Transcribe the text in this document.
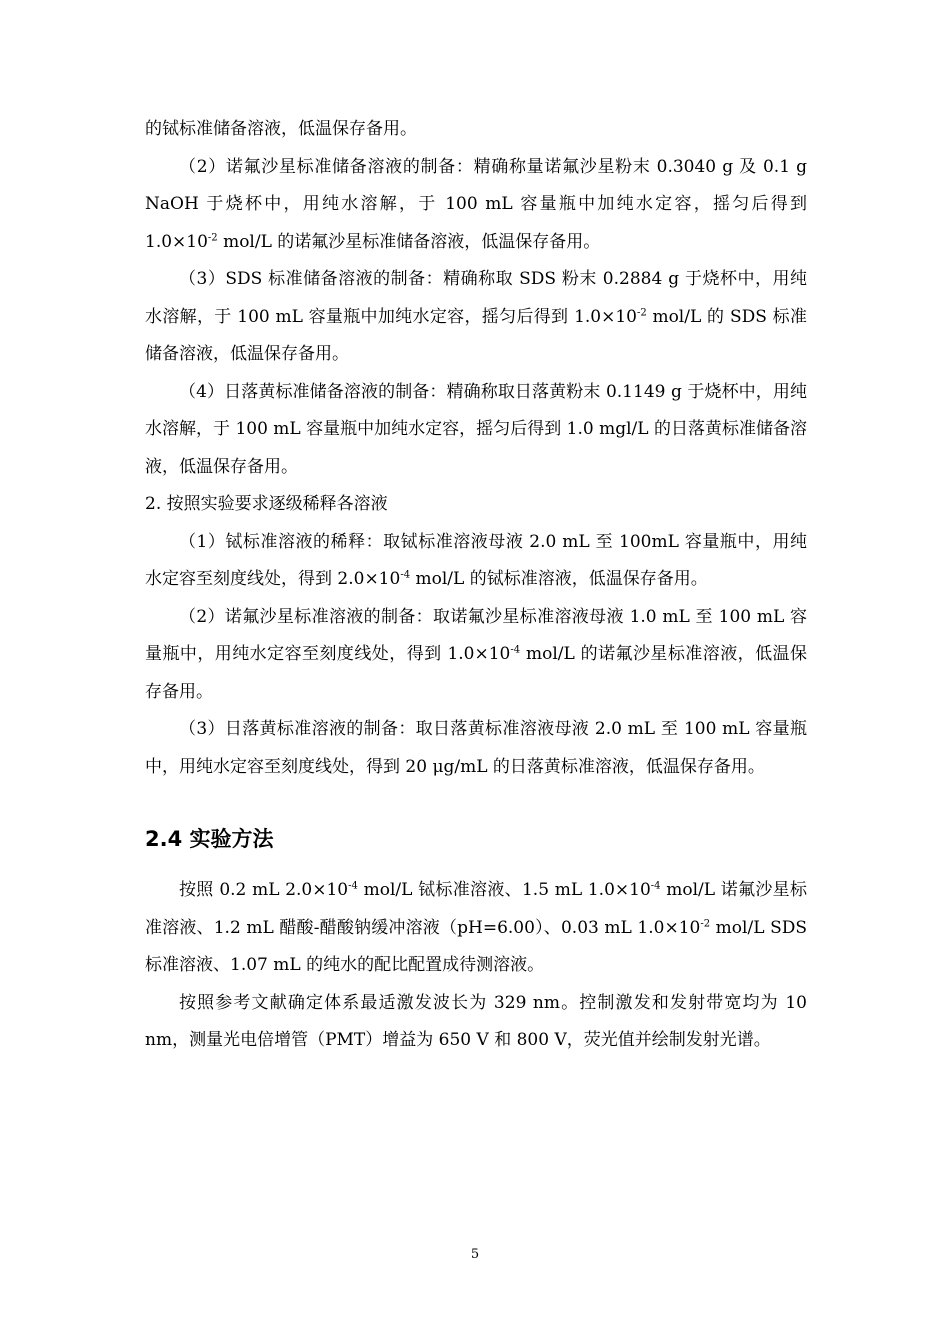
的铽标准储备溶液，低温保存备用。

（2）诺氟沙星标准储备溶液的制备：精确称量诺氟沙星粉末 0.3040 g 及 0.1 g NaOH 于烧杯中，用纯水溶解，于 100 mL 容量瓶中加纯水定容，摇匀后得到 $1.0\times 10^{-2}$ mol/L 的诺氟沙星标准储备溶液，低温保存备用。

（3）SDS 标准储备溶液的制备：精确称取 SDS 粉末 0.2884 g 于烧杯中，用纯水溶解，于 100 mL 容量瓶中加纯水定容，摇匀后得到 $1.0\times 10^{-2}$ mol/L 的 SDS 标准储备溶液，低温保存备用。

（4）日落黄标准储备溶液的制备：精确称取日落黄粉末 0.1149 g 于烧杯中，用纯水溶解，于 100 mL 容量瓶中加纯水定容，摇匀后得到 1.0 mgl/L 的日落黄标准储备溶液，低温保存备用。

2. 按照实验要求逐级稀释各溶液

（1）铽标准溶液的稀释：取铽标准溶液母液 2.0 mL 至 100mL 容量瓶中，用纯水定容至刻度线处，得到 $2.0\times 10^{-4}$ mol/L 的铽标准溶液，低温保存备用。

（2）诺氟沙星标准溶液的制备：取诺氟沙星标准溶液母液 1.0 mL 至 100 mL 容量瓶中，用纯水定容至刻度线处，得到 $1.0\times 10^{-4}$ mol/L 的诺氟沙星标准溶液，低温保存备用。

（3）日落黄标准溶液的制备：取日落黄标准溶液母液 2.0 mL 至 100 mL 容量瓶中，用纯水定容至刻度线处，得到 20 μg/mL 的日落黄标准溶液，低温保存备用。

2.4 实验方法

按照 0.2 mL $2.0\times 10^{-4}$ mol/L 铽标准溶液、1.5 mL $1.0\times 10^{-4}$ mol/L 诺氟沙星标准溶液、1.2 mL 醋酸-醋酸钠缓冲溶液（pH=6.00）、0.03 mL $1.0\times 10^{-2}$ mol/L SDS 标准溶液、1.07 mL 的纯水的配比配置成待测溶液。

按照参考文献确定体系最适激发波长为 329 nm。控制激发和发射带宽均为 10 nm，测量光电倍增管（PMT）增益为 650 V 和 800 V，荧光值并绘制发射光谱。

5
